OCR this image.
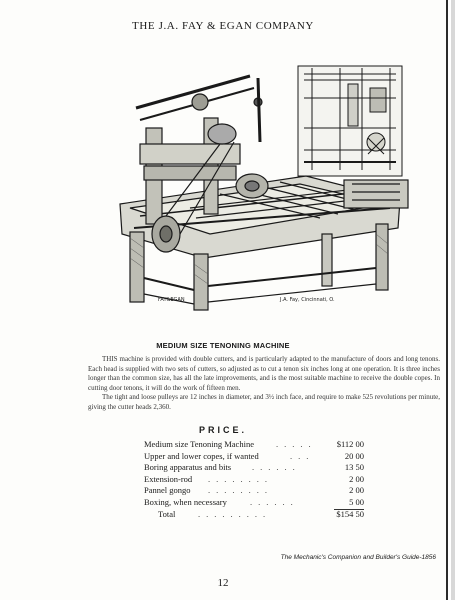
THE J.A. FAY & EGAN COMPANY
FAY&EGAN	J.A. Fay, Cincinnati, O.
MEDIUM SIZE TENONING MACHINE

THIS machine is provided with double cutters, and is particularly adapted to the manufacture of doors and long tenons. Each head is supplied with two sets of cutters, so adjusted as to cut a tenon six inches long at one operation. It is three inches longer than the common size, has all the late improvements, and is the most suitable machine to receive the double copes. In cutting door tenons, it will do the work of fifteen men.

The tight and loose pulleys are 12 inches in diameter, and 3½ inch face, and require to make 525 revolutions per minute, giving the cutter heads 2,360.

PRICE.
Medium size Tenoning Machine	..... $112 00
Upper and lower copes, if wanted	...	20 00
Boring apparatus and bits ......	13 50
Extension-rod ........	2 00
Pannel gongo ........	2 00
Boxing, when necessary	......	5 00
Total	.........	$154 50
The Mechanic's Companion and Builder's Guide-1856
12
